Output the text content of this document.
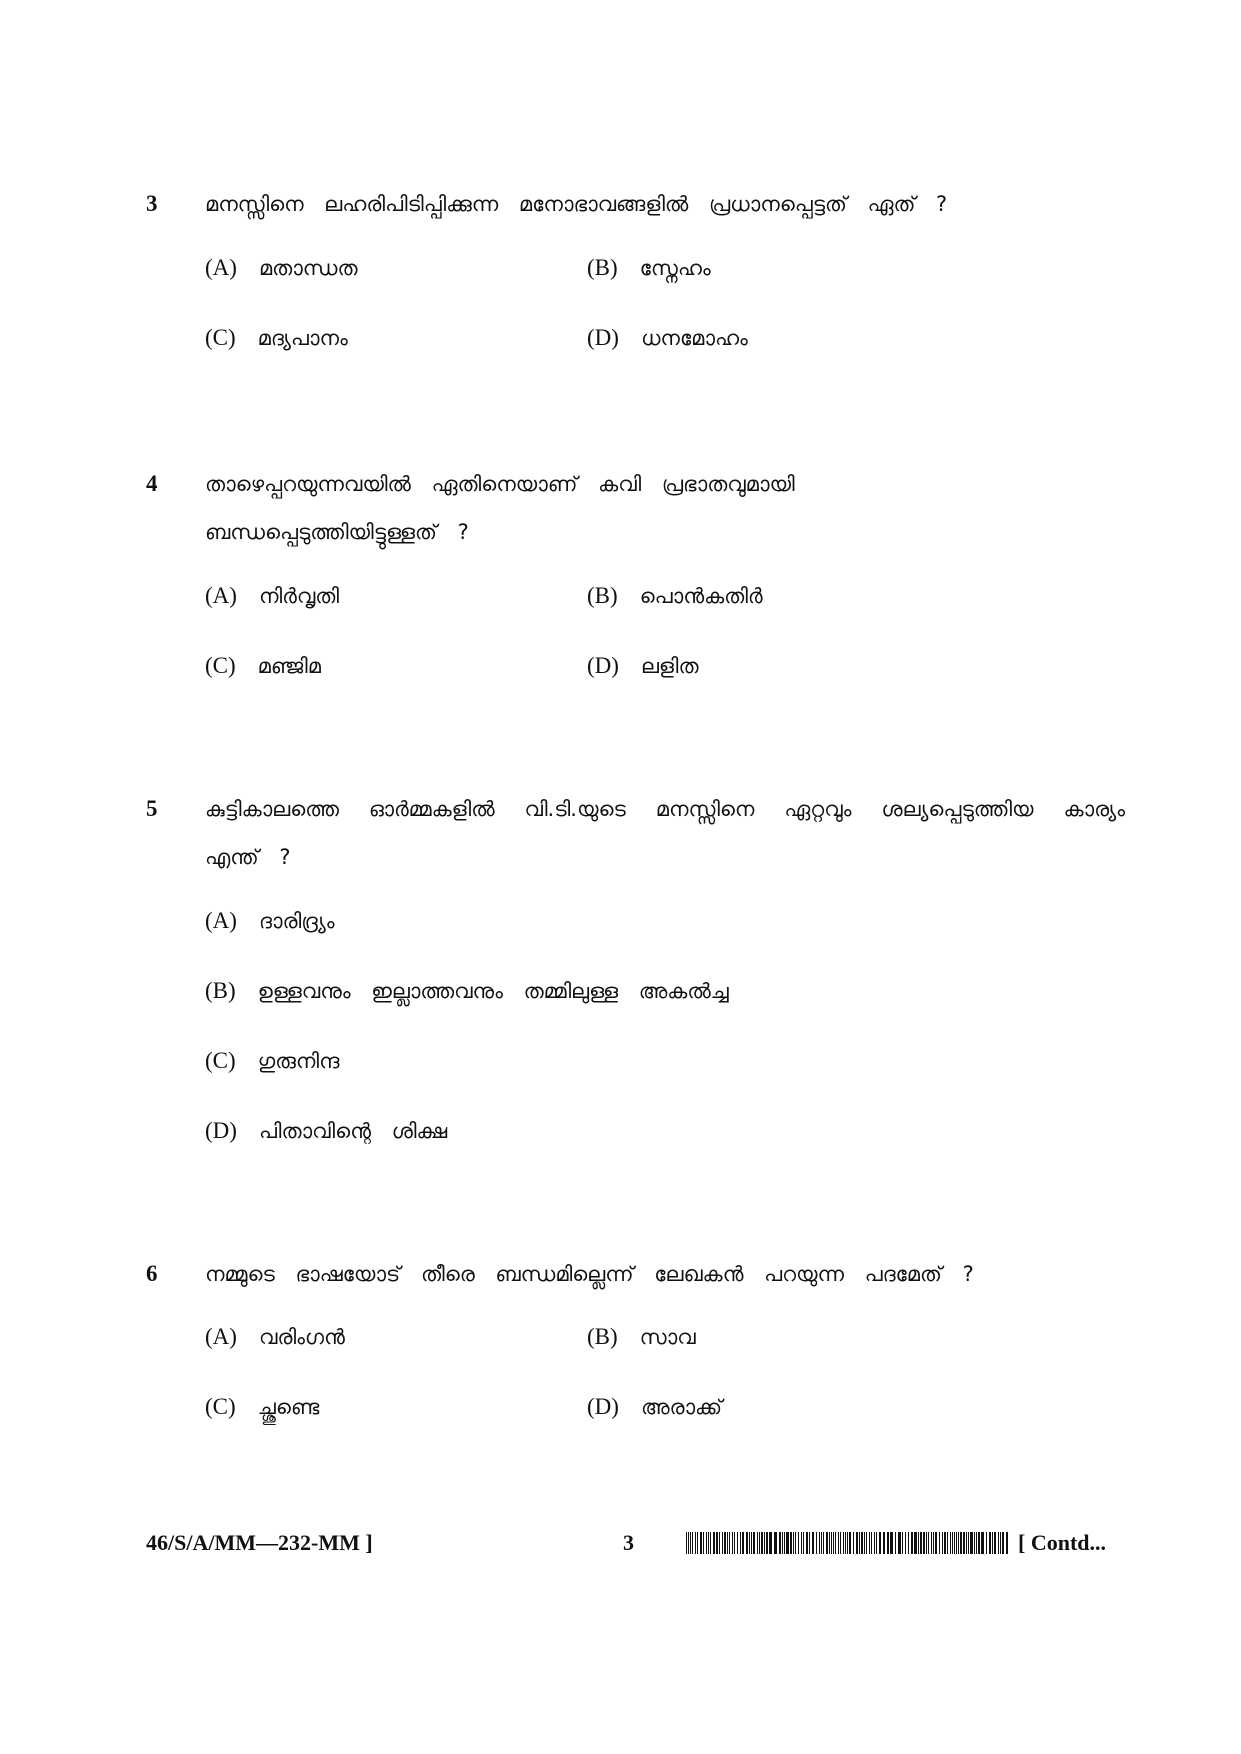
3 മനസ്സിനെ ലഹരിപിടിപ്പിക്കുന്ന മനോഭാവങ്ങളിൽ പ്രധാനപ്പെട്ടത് ഏത് ?
(A) മതാന്ധത	(B) സ്നേഹം
(C) മദ്യപാനം	(D) ധനമോഹം
4 താഴെപ്പറയുന്നവയിൽ ഏതിനെയാണ് കവി പ്രഭാതവുമായി ബന്ധപ്പെടുത്തിയിട്ടുള്ളത് ?
(A) നിർവൃതി	(B) പൊൻകതിർ
(C) മഞ്ജിമ	(D) ലളിത
5 കുട്ടികാലത്തെ ഓർമ്മകളിൽ വി.ടി.യുടെ മനസ്സിനെ ഏറ്റവും ശല്യപ്പെടുത്തിയ കാര്യം എന്ത് ?
(A) ദാരിദ്ര്യം
(B) ഉള്ളവനും ഇല്ലാത്തവനും തമ്മിലുള്ള അകൽച്ച
(C) ഗുരുനിന്ദ
(D) പിതാവിന്റെ ശിക്ഷ
6 നമ്മുടെ ഭാഷയോട് തീരെ ബന്ധമില്ലെന്ന് ലേഖകൻ പറയുന്ന പദമേത് ?
(A) വരിംഗൻ	(B) സാവ
(C) ച്ശുണ്ടെ	(D) അരാക്ക്
46/S/A/MM—232-MM ]	3	[ Contd...
